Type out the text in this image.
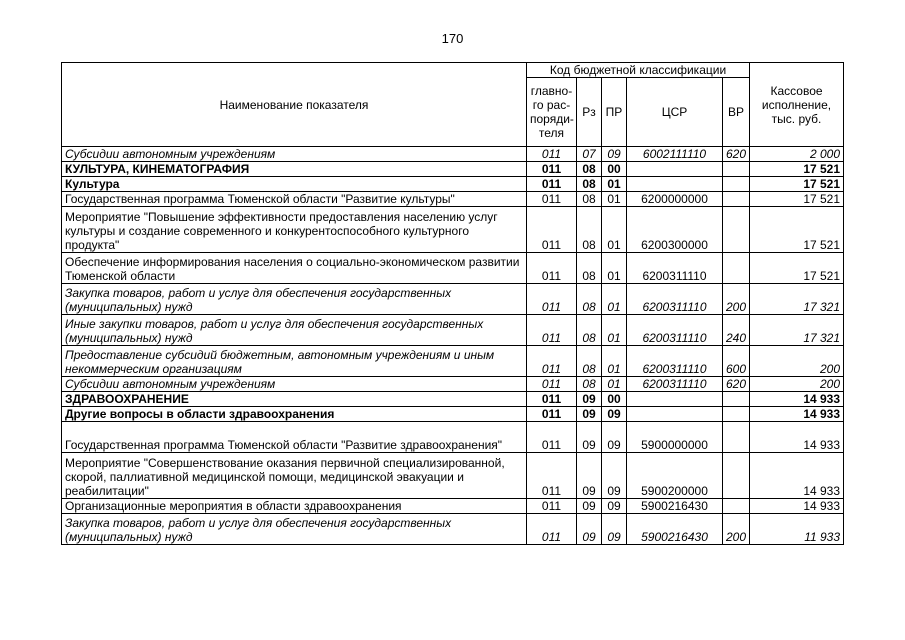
170
Наименование показателя	Код бюджетной классификации					Кассовое исполнение, тыс. руб.
	главно-го рас-поряди-теля	Рз	ПР	ЦСР	ВР	
Субсидии автономным учреждениям	011	07	09	6002111110	620	2 000
КУЛЬТУРА, КИНЕМАТОГРАФИЯ	011	08	00			17 521
Культура	011	08	01			17 521
Государственная программа Тюменской области "Развитие культуры"	011	08	01	6200000000		17 521
Мероприятие "Повышение эффективности предоставления населению услуг культуры и создание современного и конкурентоспособного культурного продукта"	011	08	01	6200300000		17 521
Обеспечение информирования населения о социально-экономическом развитии Тюменской области	011	08	01	6200311110		17 521
Закупка товаров, работ и услуг для обеспечения государственных (муниципальных) нужд	011	08	01	6200311110	200	17 321
Иные закупки товаров, работ и услуг для обеспечения государственных (муниципальных) нужд	011	08	01	6200311110	240	17 321
Предоставление субсидий бюджетным, автономным учреждениям и иным некоммерческим организациям	011	08	01	6200311110	600	200
Субсидии автономным учреждениям	011	08	01	6200311110	620	200
ЗДРАВООХРАНЕНИЕ	011	09	00			14 933
Другие вопросы в области здравоохранения	011	09	09			14 933
Государственная программа Тюменской области "Развитие здравоохранения"	011	09	09	5900000000		14 933
Мероприятие "Совершенствование оказания первичной специализированной, скорой, паллиативной медицинской помощи, медицинской эвакуации и реабилитации"	011	09	09	5900200000		14 933
Организационные мероприятия в области здравоохранения	011	09	09	5900216430		14 933
Закупка товаров, работ и услуг для обеспечения государственных (муниципальных) нужд	011	09	09	5900216430	200	11 933
